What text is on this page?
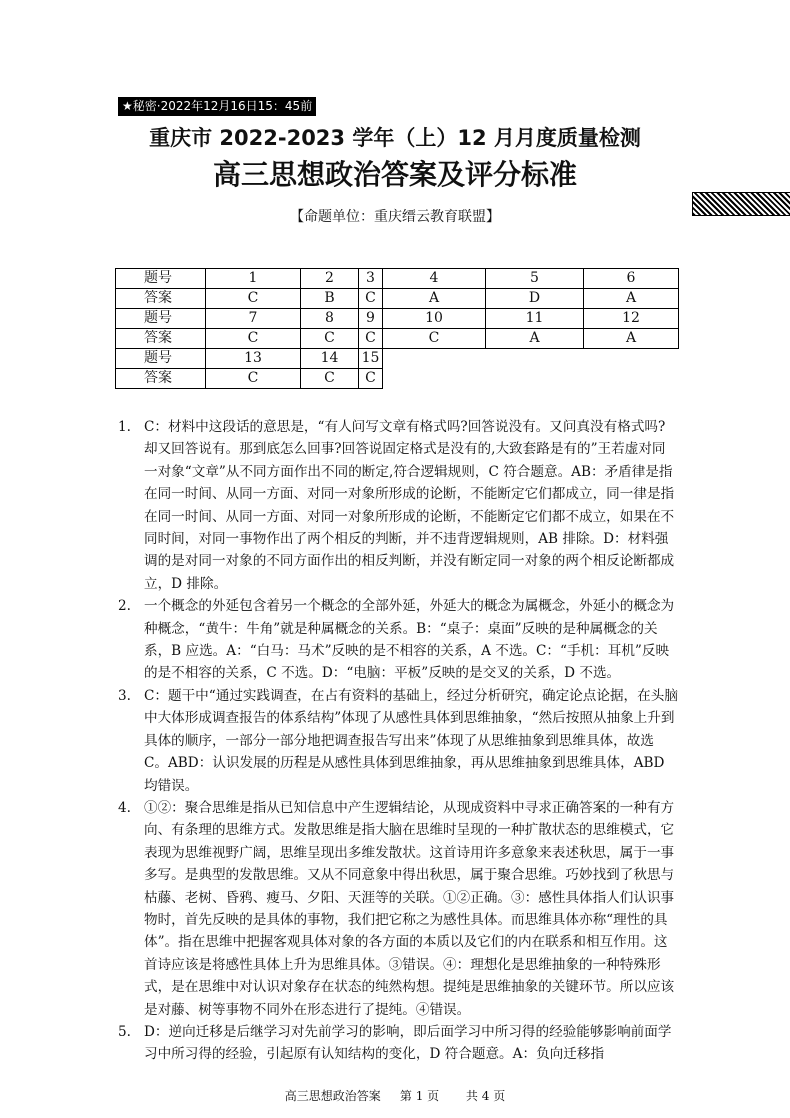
★秘密·2022年12月16日15：45前
重庆市 2022-2023 学年（上）12 月月度质量检测
高三思想政治答案及评分标准
【命题单位：重庆缙云教育联盟】
题号	1	2	3	4	5	6
答案	C	B	C	A	D	A
题号	7	8	9	10	11	12
答案	C	C	C	C	A	A
题号	13	14	15			
答案	C	C	C			
1. C：材料中这段话的意思是，“有人问写文章有格式吗?回答说没有。又问真没有格式吗?却又回答说有。那到底怎么回事?回答说固定格式是没有的,大致套路是有的”王若虚对同一对象“文章”从不同方面作出不同的断定,符合逻辑规则，C 符合题意。AB：矛盾律是指在同一时间、从同一方面、对同一对象所形成的论断，不能断定它们都成立，同一律是指在同一时间、从同一方面、对同一对象所形成的论断，不能断定它们都不成立，如果在不同时间，对同一事物作出了两个相反的判断，并不违背逻辑规则，AB 排除。D：材料强调的是对同一对象的不同方面作出的相反判断，并没有断定同一对象的两个相反论断都成立，D 排除。
2. 一个概念的外延包含着另一个概念的全部外延，外延大的概念为属概念，外延小的概念为种概念，“黄牛：牛角”就是种属概念的关系。B：“桌子：桌面”反映的是种属概念的关系，B 应选。A：“白马：马术”反映的是不相容的关系，A 不选。C：“手机：耳机”反映的是不相容的关系，C 不选。D：“电脑：平板”反映的是交叉的关系，D 不选。
3. C：题干中“通过实践调查，在占有资料的基础上，经过分析研究，确定论点论据，在头脑中大体形成调查报告的体系结构”体现了从感性具体到思维抽象，“然后按照从抽象上升到具体的顺序，一部分一部分地把调查报告写出来”体现了从思维抽象到思维具体，故选 C。ABD：认识发展的历程是从感性具体到思维抽象，再从思维抽象到思维具体，ABD 均错误。
4. ①②：聚合思维是指从已知信息中产生逻辑结论，从现成资料中寻求正确答案的一种有方向、有条理的思维方式。发散思维是指大脑在思维时呈现的一种扩散状态的思维模式，它表现为思维视野广阔，思维呈现出多维发散状。这首诗用许多意象来表述秋思，属于一事多写。是典型的发散思维。又从不同意象中得出秋思，属于聚合思维。巧妙找到了秋思与枯藤、老树、昏鸦、瘦马、夕阳、天涯等的关联。①②正确。③：感性具体指人们认识事物时，首先反映的是具体的事物，我们把它称之为感性具体。而思维具体亦称“理性的具体”。指在思维中把握客观具体对象的各方面的本质以及它们的内在联系和相互作用。这首诗应该是将感性具体上升为思维具体。③错误。④：理想化是思维抽象的一种特殊形式，是在思维中对认识对象存在状态的纯然构想。提纯是思维抽象的关键环节。所以应该是对藤、树等事物不同外在形态进行了提纯。④错误。
5. D：逆向迁移是后继学习对先前学习的影响，即后面学习中所习得的经验能够影响前面学习中所习得的经验，引起原有认知结构的变化，D 符合题意。A：负向迁移指
高三思想政治答案 第 1 页 共 4 页
